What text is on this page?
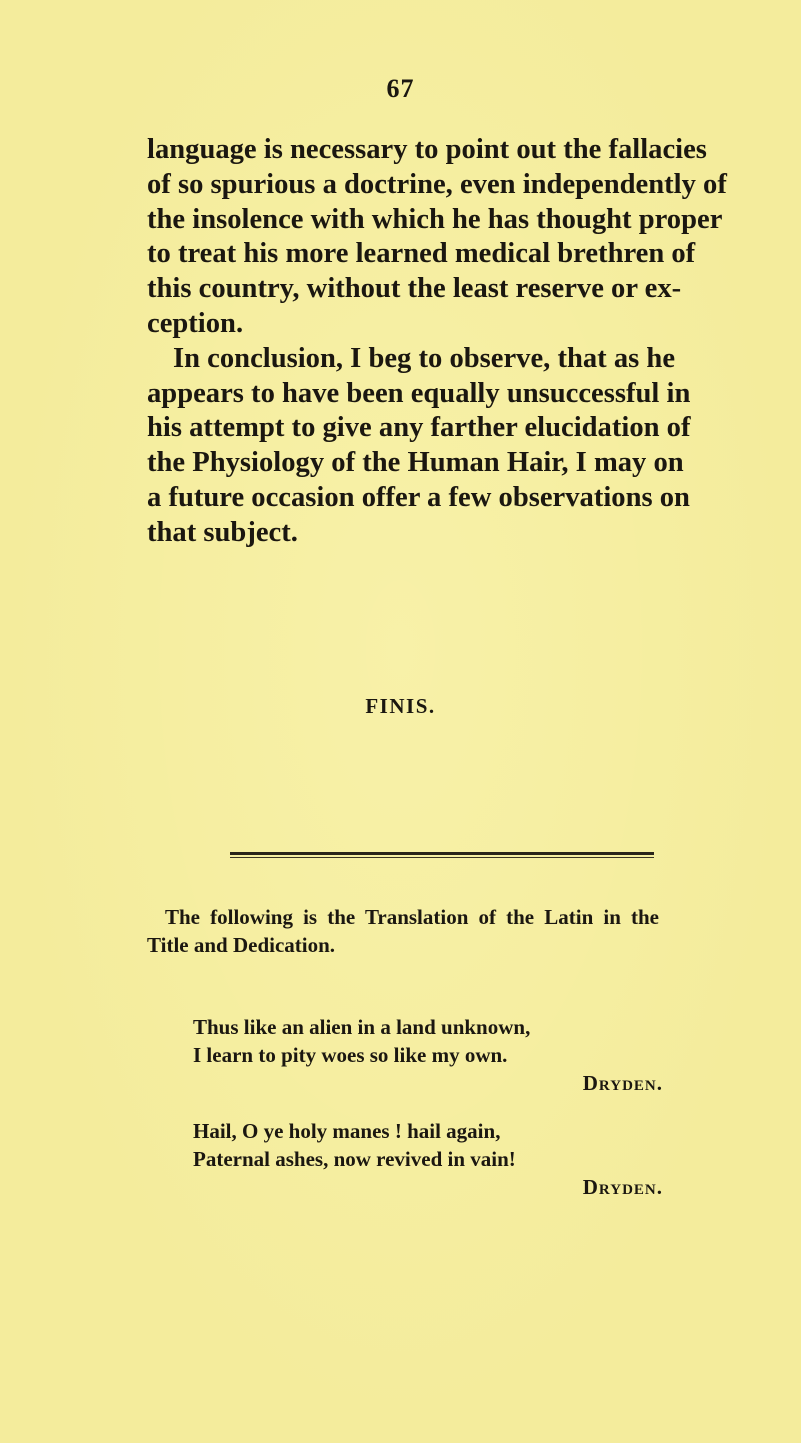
67
language is necessary to point out the fallacies
of so spurious a doctrine, even independently of
the insolence with which he has thought proper
to treat his more learned medical brethren of
this country, without the least reserve or ex-
ception.
In conclusion, I beg to observe, that as he
appears to have been equally unsuccessful in
his attempt to give any farther elucidation of
the Physiology of the Human Hair, I may on
a future occasion offer a few observations on
that subject.
FINIS.
The following is the Translation of the Latin in the
Title and Dedication.
Thus like an alien in a land unknown,
I learn to pity woes so like my own.
Dryden.
Hail, O ye holy manes ! hail again,
Paternal ashes, now revived in vain!
Dryden.
